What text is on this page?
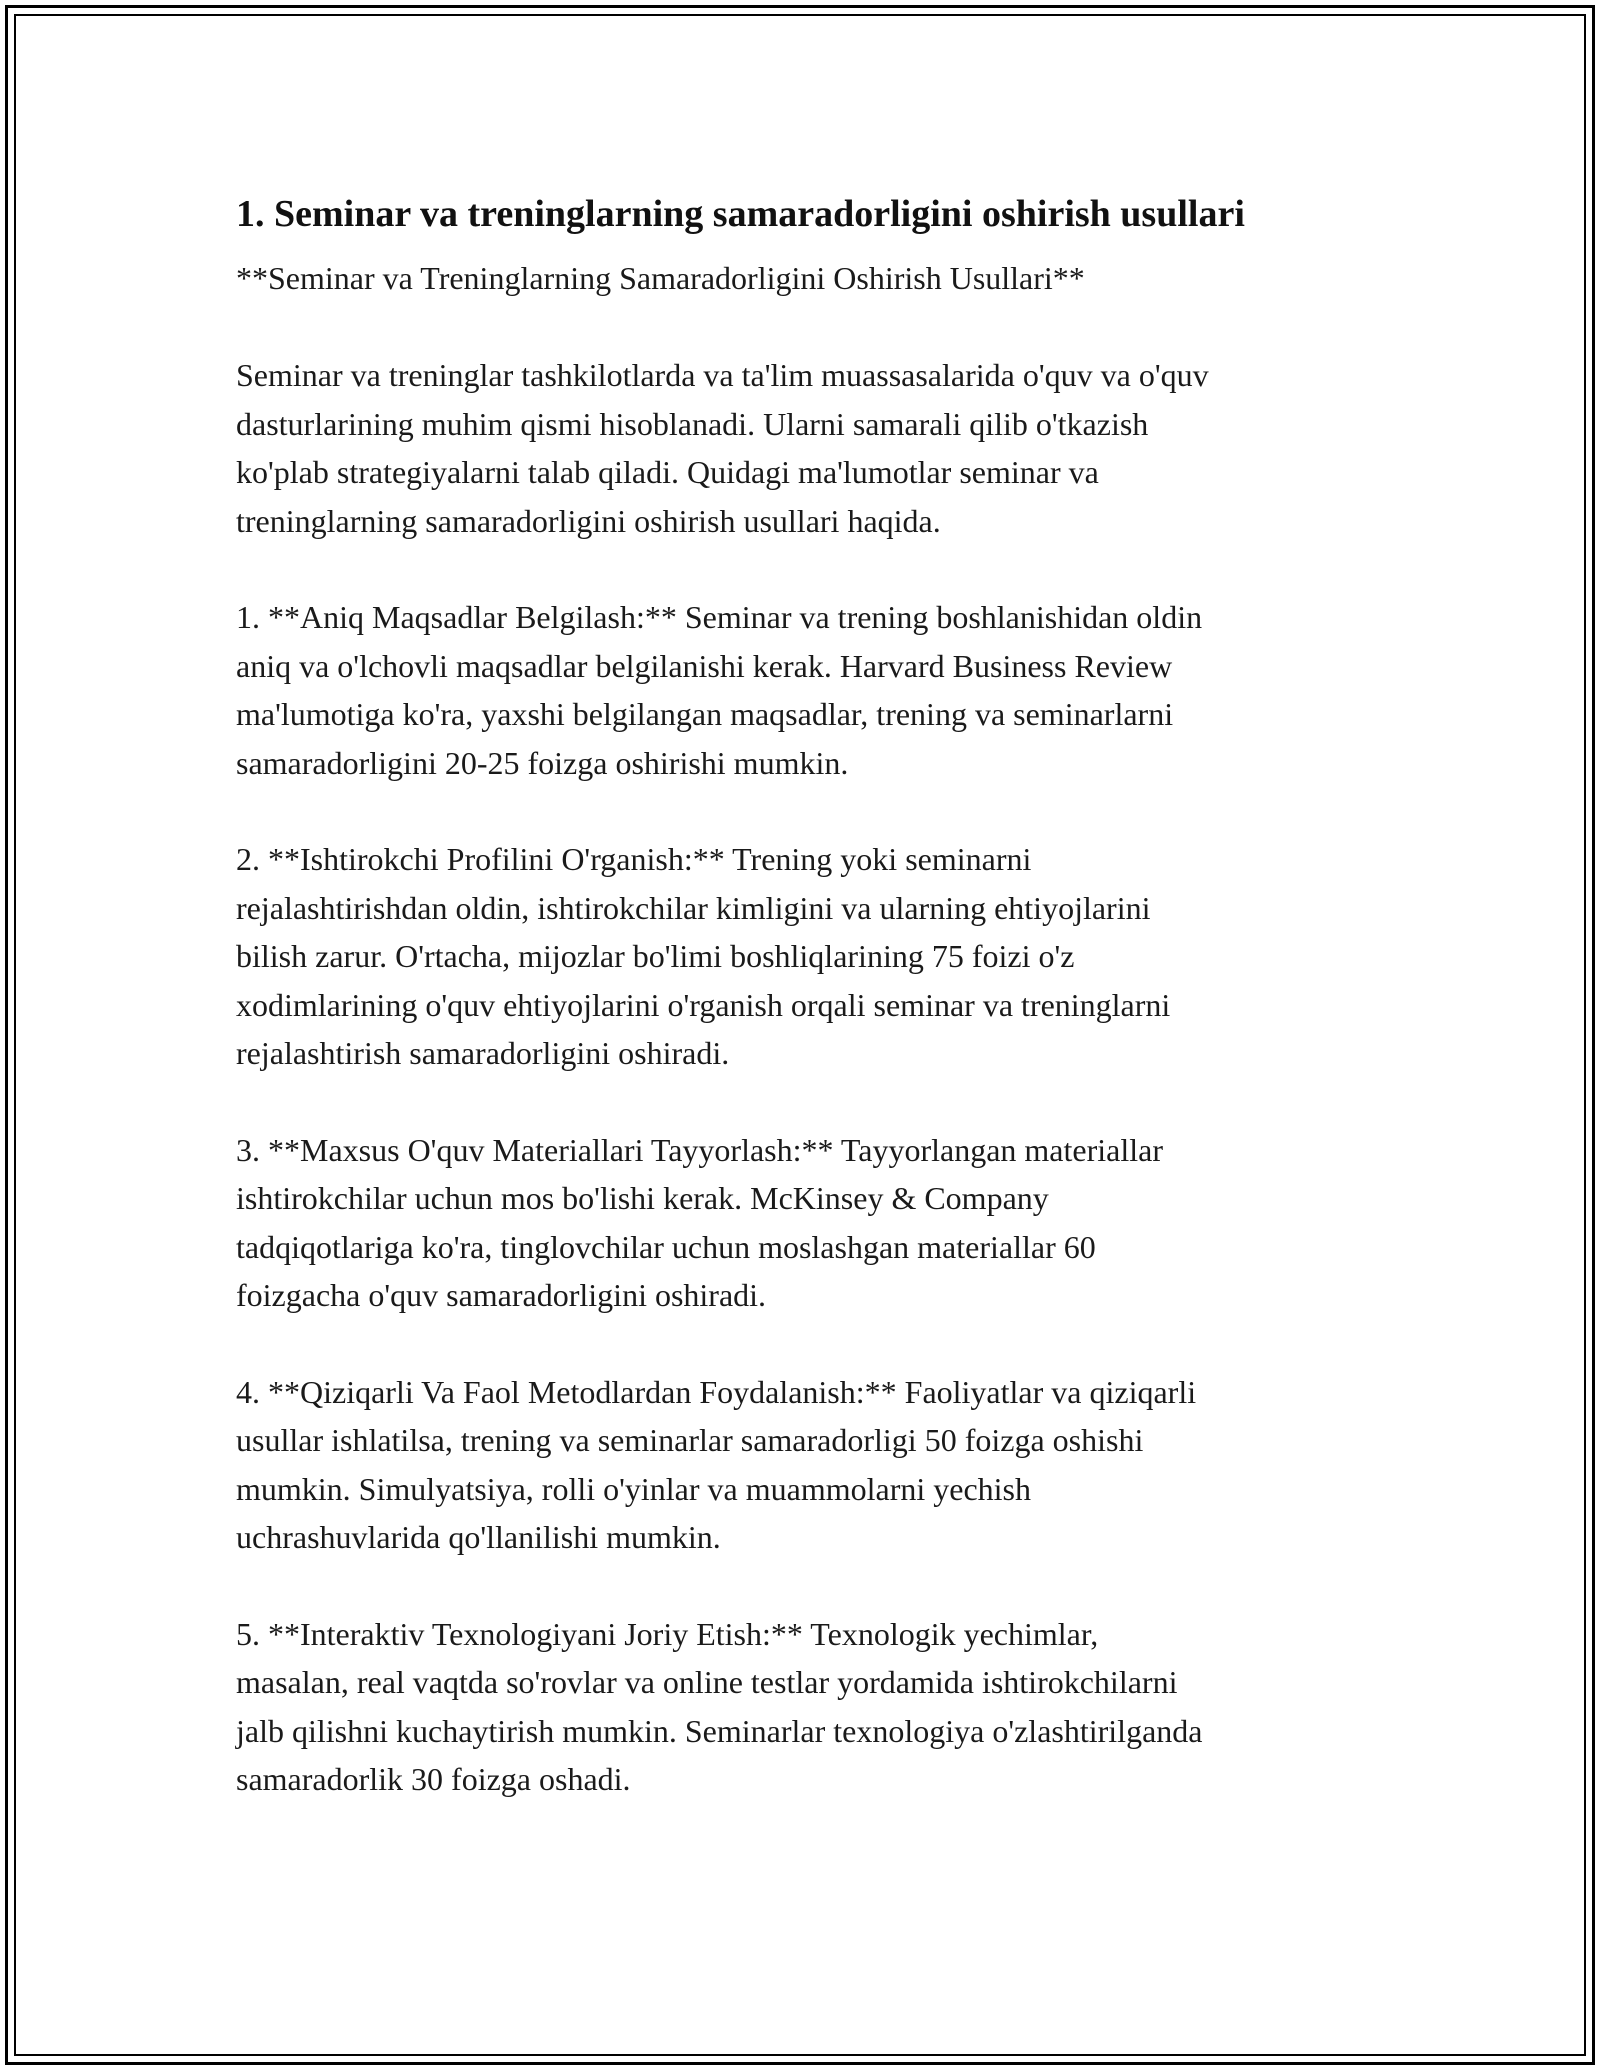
1. Seminar va treninglarning samaradorligini oshirish usullari

**Seminar va Treninglarning Samaradorligini Oshirish Usullari**

Seminar va treninglar tashkilotlarda va ta'lim muassasalarida o'quv va o'quv
dasturlarining muhim qismi hisoblanadi. Ularni samarali qilib o'tkazish
ko'plab strategiyalarni talab qiladi. Quidagi ma'lumotlar seminar va
treninglarning samaradorligini oshirish usullari haqida.

1. **Aniq Maqsadlar Belgilash:** Seminar va trening boshlanishidan oldin
aniq va o'lchovli maqsadlar belgilanishi kerak. Harvard Business Review
ma'lumotiga ko'ra, yaxshi belgilangan maqsadlar, trening va seminarlarni
samaradorligini 20-25 foizga oshirishi mumkin.

2. **Ishtirokchi Profilini O'rganish:** Trening yoki seminarni
rejalashtirishdan oldin, ishtirokchilar kimligini va ularning ehtiyojlarini
bilish zarur. O'rtacha, mijozlar bo'limi boshliqlarining 75 foizi o'z
xodimlarining o'quv ehtiyojlarini o'rganish orqali seminar va treninglarni
rejalashtirish samaradorligini oshiradi.

3. **Maxsus O'quv Materiallari Tayyorlash:** Tayyorlangan materiallar
ishtirokchilar uchun mos bo'lishi kerak. McKinsey & Company
tadqiqotlariga ko'ra, tinglovchilar uchun moslashgan materiallar 60
foizgacha o'quv samaradorligini oshiradi.

4. **Qiziqarli Va Faol Metodlardan Foydalanish:** Faoliyatlar va qiziqarli
usullar ishlatilsa, trening va seminarlar samaradorligi 50 foizga oshishi
mumkin. Simulyatsiya, rolli o'yinlar va muammolarni yechish
uchrashuvlarida qo'llanilishi mumkin.

5. **Interaktiv Texnologiyani Joriy Etish:** Texnologik yechimlar,
masalan, real vaqtda so'rovlar va online testlar yordamida ishtirokchilarni
jalb qilishni kuchaytirish mumkin. Seminarlar texnologiya o'zlashtirilganda
samaradorlik 30 foizga oshadi.
